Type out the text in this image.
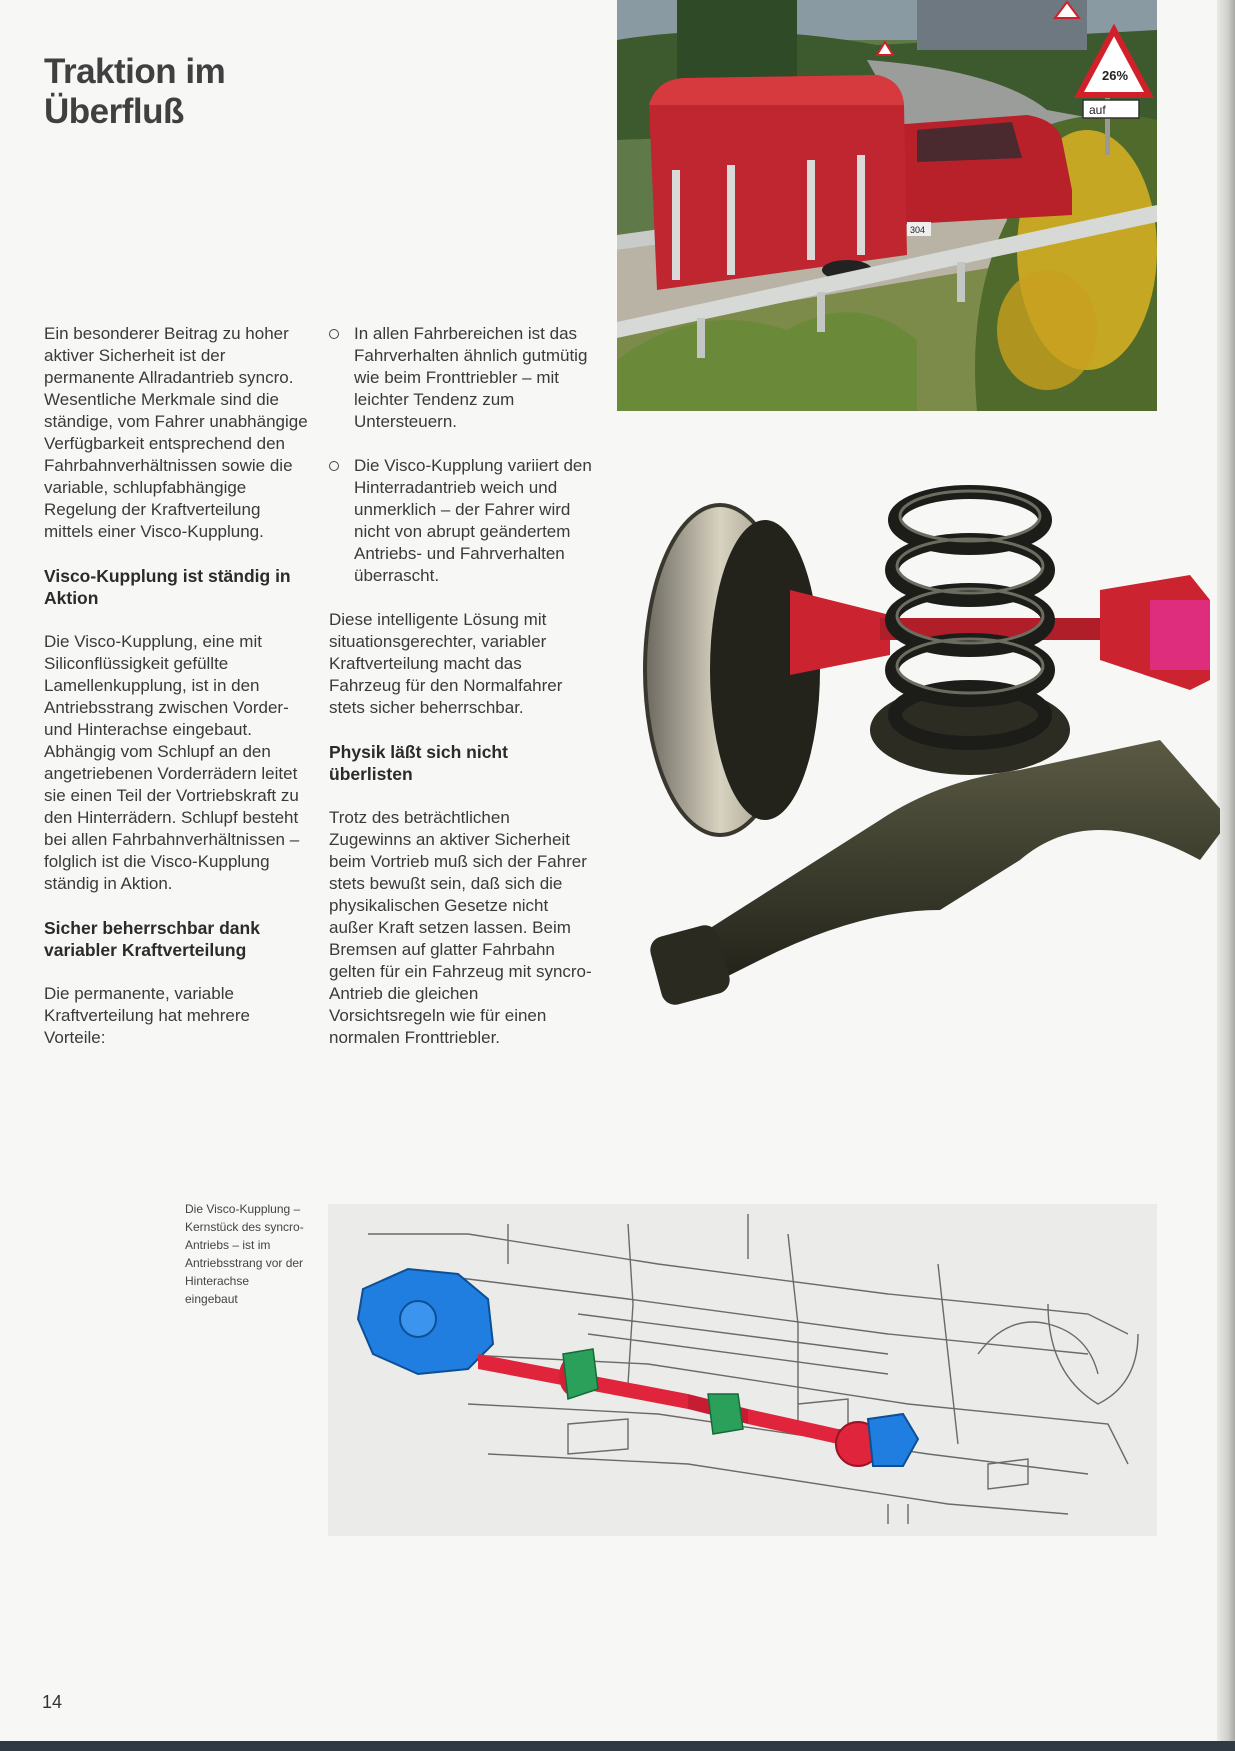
Traktion im
Überfluß
304
26%
auf

Ein besonderer Beitrag zu hoher aktiver Sicherheit ist der permanente Allradantrieb syncro. Wesentliche Merkmale sind die ständige, vom Fahrer unabhängige Verfügbarkeit entsprechend den Fahrbahnverhältnissen sowie die variable, schlupfabhängige Regelung der Kraftverteilung mittels einer Visco-Kupplung.

Visco-Kupplung ist ständig in Aktion

Die Visco-Kupplung, eine mit Siliconflüssigkeit gefüllte Lamellenkupplung, ist in den Antriebsstrang zwischen Vorder- und Hinterachse eingebaut. Abhängig vom Schlupf an den angetriebenen Vorderrädern leitet sie einen Teil der Vortriebskraft zu den Hinterrädern. Schlupf besteht bei allen Fahrbahnverhältnissen – folglich ist die Visco-Kupplung ständig in Aktion.

Sicher beherrschbar dank variabler Kraftverteilung

Die permanente, variable Kraftverteilung hat mehrere Vorteile:

In allen Fahrbereichen ist das Fahrverhalten ähnlich gutmütig wie beim Fronttriebler – mit leichter Tendenz zum Untersteuern.
Die Visco-Kupplung variiert den Hinterradantrieb weich und unmerklich – der Fahrer wird nicht von abrupt geändertem Antriebs- und Fahrverhalten überrascht.

Diese intelligente Lösung mit situationsgerechter, variabler Kraftverteilung macht das Fahrzeug für den Normalfahrer stets sicher beherrschbar.

Physik läßt sich nicht überlisten

Trotz des beträchtlichen Zugewinns an aktiver Sicherheit beim Vortrieb muß sich der Fahrer stets bewußt sein, daß sich die physikalischen Gesetze nicht außer Kraft setzen lassen. Beim Bremsen auf glatter Fahrbahn gelten für ein Fahrzeug mit syncro-Antrieb die gleichen Vorsichtsregeln wie für einen normalen Fronttriebler.

Die Visco-Kupplung – Kernstück des syncro-Antriebs – ist im Antriebsstrang vor der Hinterachse eingebaut
14
